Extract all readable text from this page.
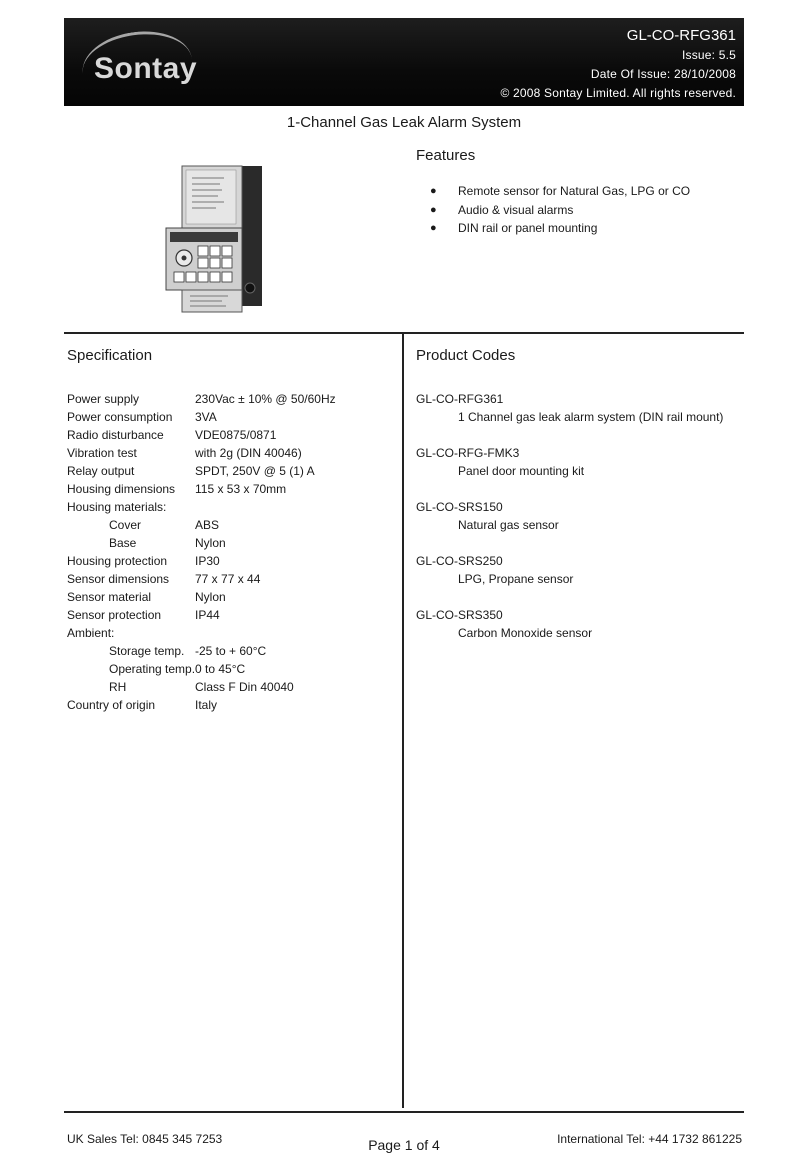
Sontay
GL-CO-RFG361
Issue: 5.5
Date Of Issue: 28/10/2008
© 2008 Sontay Limited. All rights reserved.
1-Channel Gas Leak Alarm System
Features
● Remote sensor for Natural Gas, LPG or CO
● Audio & visual alarms
● DIN rail or panel mounting
Specification
Power supply	230Vac ± 10% @ 50/60Hz
Power consumption 3VA
Radio disturbance	VDE0875/0871
Vibration test	with 2g (DIN 40046)
Relay output	SPDT, 250V @ 5 (1) A
Housing dimensions 115 x 53 x 70mm
Housing materials:
Cover	ABS
Base	Nylon
Housing protection IP30
Sensor dimensions 77 x 77 x 44
Sensor material	Nylon
Sensor protection	IP44
Ambient:
Storage temp. -25 to + 60°C
Operating temp. 0 to 45°C
RH	Class F Din 40040
Country of origin	Italy
Product Codes
GL-CO-RFG361
1 Channel gas leak alarm system (DIN rail mount)
GL-CO-RFG-FMK3
Panel door mounting kit
GL-CO-SRS150
Natural gas sensor
GL-CO-SRS250
LPG, Propane sensor
GL-CO-SRS350
Carbon Monoxide sensor
UK Sales Tel: 0845 345 7253	Page 1 of 4	International Tel: +44 1732 861225
